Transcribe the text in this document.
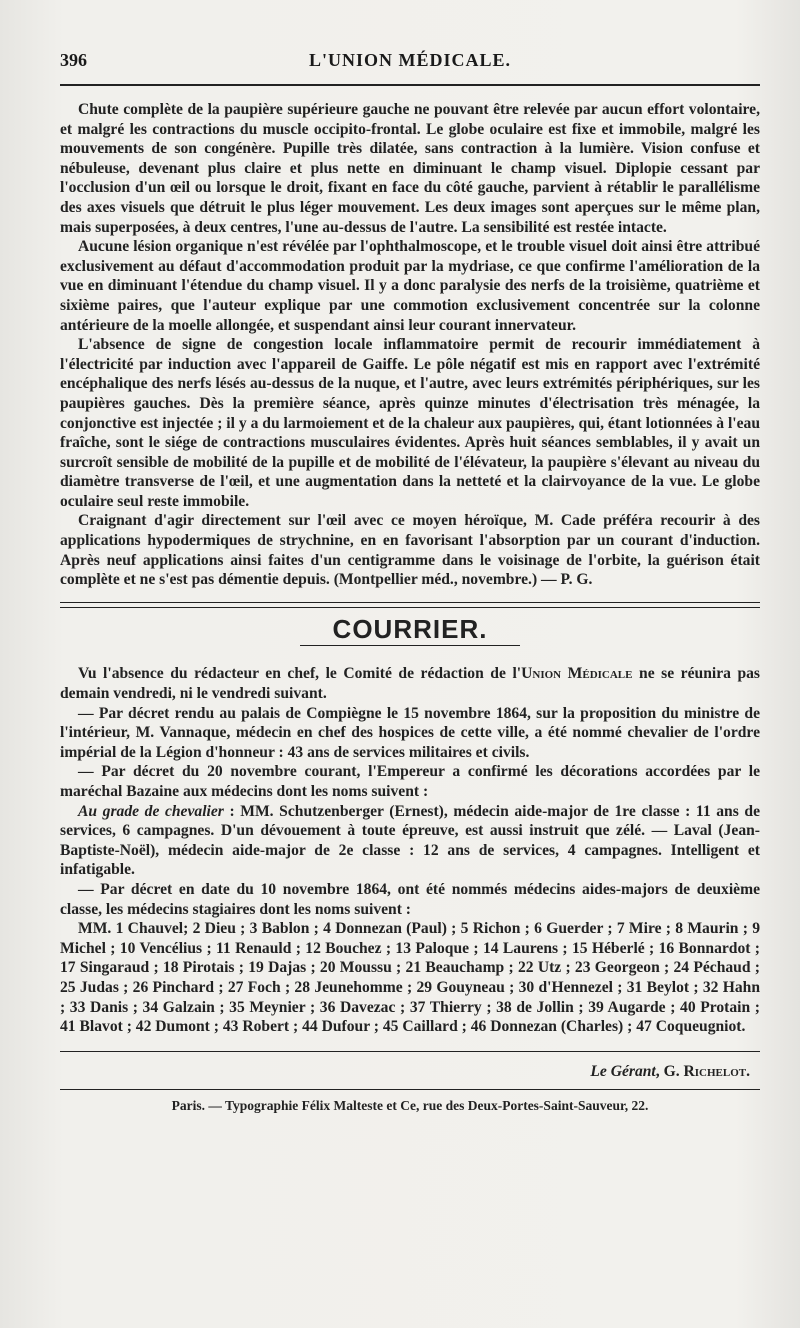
396	L'UNION MÉDICALE.

Chute complète de la paupière supérieure gauche ne pouvant être relevée par aucun effort volontaire, et malgré les contractions du muscle occipito-frontal. Le globe oculaire est fixe et immobile, malgré les mouvements de son congénère. Pupille très dilatée, sans contraction à la lumière. Vision confuse et nébuleuse, devenant plus claire et plus nette en diminuant le champ visuel. Diplopie cessant par l'occlusion d'un œil ou lorsque le droit, fixant en face du côté gauche, parvient à rétablir le parallélisme des axes visuels que détruit le plus léger mouvement. Les deux images sont aperçues sur le même plan, mais superposées, à deux centres, l'une au-dessus de l'autre. La sensibilité est restée intacte.

Aucune lésion organique n'est révélée par l'ophthalmoscope, et le trouble visuel doit ainsi être attribué exclusivement au défaut d'accommodation produit par la mydriase, ce que confirme l'amélioration de la vue en diminuant l'étendue du champ visuel. Il y a donc paralysie des nerfs de la troisième, quatrième et sixième paires, que l'auteur explique par une commotion exclusivement concentrée sur la colonne antérieure de la moelle allongée, et suspendant ainsi leur courant innervateur.

L'absence de signe de congestion locale inflammatoire permit de recourir immédiatement à l'électricité par induction avec l'appareil de Gaiffe. Le pôle négatif est mis en rapport avec l'extrémité encéphalique des nerfs lésés au-dessus de la nuque, et l'autre, avec leurs extrémités périphériques, sur les paupières gauches. Dès la première séance, après quinze minutes d'électrisation très ménagée, la conjonctive est injectée ; il y a du larmoiement et de la chaleur aux paupières, qui, étant lotionnées à l'eau fraîche, sont le siége de contractions musculaires évidentes. Après huit séances semblables, il y avait un surcroît sensible de mobilité de la pupille et de mobilité de l'élévateur, la paupière s'élevant au niveau du diamètre transverse de l'œil, et une augmentation dans la netteté et la clairvoyance de la vue. Le globe oculaire seul reste immobile.

Craignant d'agir directement sur l'œil avec ce moyen héroïque, M. Cade préféra recourir à des applications hypodermiques de strychnine, en en favorisant l'absorption par un courant d'induction. Après neuf applications ainsi faites d'un centigramme dans le voisinage de l'orbite, la guérison était complète et ne s'est pas démentie depuis. (Montpellier méd., novembre.) — P. G.

COURRIER.

Vu l'absence du rédacteur en chef, le Comité de rédaction de l'Union Médicale ne se réunira pas demain vendredi, ni le vendredi suivant.

— Par décret rendu au palais de Compiègne le 15 novembre 1864, sur la proposition du ministre de l'intérieur, M. Vannaque, médecin en chef des hospices de cette ville, a été nommé chevalier de l'ordre impérial de la Légion d'honneur : 43 ans de services militaires et civils.

— Par décret du 20 novembre courant, l'Empereur a confirmé les décorations accordées par le maréchal Bazaine aux médecins dont les noms suivent :

Au grade de chevalier : MM. Schutzenberger (Ernest), médecin aide-major de 1re classe : 11 ans de services, 6 campagnes. D'un dévouement à toute épreuve, est aussi instruit que zélé. — Laval (Jean-Baptiste-Noël), médecin aide-major de 2e classe : 12 ans de services, 4 campagnes. Intelligent et infatigable.

— Par décret en date du 10 novembre 1864, ont été nommés médecins aides-majors de deuxième classe, les médecins stagiaires dont les noms suivent :

MM. 1 Chauvel; 2 Dieu ; 3 Bablon ; 4 Donnezan (Paul) ; 5 Richon ; 6 Guerder ; 7 Mire ; 8 Maurin ; 9 Michel ; 10 Vencélius ; 11 Renauld ; 12 Bouchez ; 13 Paloque ; 14 Laurens ; 15 Héberlé ; 16 Bonnardot ; 17 Singaraud ; 18 Pirotais ; 19 Dajas ; 20 Moussu ; 21 Beauchamp ; 22 Utz ; 23 Georgeon ; 24 Péchaud ; 25 Judas ; 26 Pinchard ; 27 Foch ; 28 Jeunehomme ; 29 Gouyneau ; 30 d'Hennezel ; 31 Beylot ; 32 Hahn ; 33 Danis ; 34 Galzain ; 35 Meynier ; 36 Davezac ; 37 Thierry ; 38 de Jollin ; 39 Augarde ; 40 Protain ; 41 Blavot ; 42 Dumont ; 43 Robert ; 44 Dufour ; 45 Caillard ; 46 Donnezan (Charles) ; 47 Coqueugniot.

Le Gérant, G. Richelot.
Paris. — Typographie Félix Malteste et Ce, rue des Deux-Portes-Saint-Sauveur, 22.
